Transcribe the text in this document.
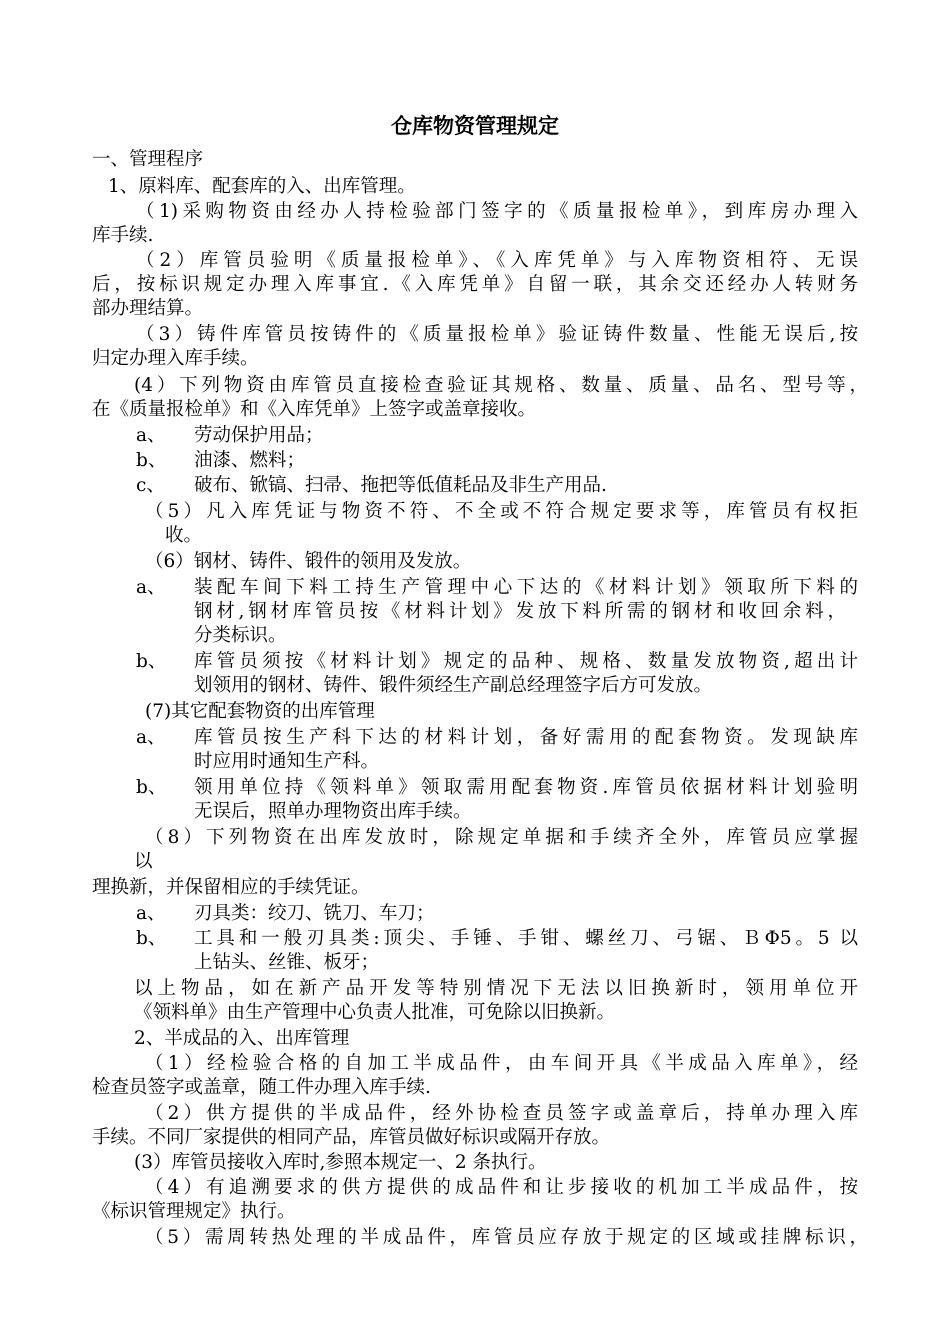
仓库物资管理规定
一、管理程序
1、原料库、配套库的入、出库管理。
（1)采购物资由经办人持检验部门签字的《质量报检单》，到库房办理入
库手续.
（2）库管员验明《质量报检单》、《入库凭单》与入库物资相符、无误
后，按标识规定办理入库事宜.《入库凭单》自留一联，其余交还经办人转财务
部办理结算。
（3）铸件库管员按铸件的《质量报检单》验证铸件数量、性能无误后,按
归定办理入库手续。
(4）下列物资由库管员直接检查验证其规格、数量、质量、品名、型号等，
在《质量报检单》和《入库凭单》上签字或盖章接收。
a、 劳动保护用品；
b、 油漆、燃料；
c、 破布、锨镐、扫帚、拖把等低值耗品及非生产用品.
（5）凡入库凭证与物资不符、不全或不符合规定要求等，库管员有权拒
收。
（6）钢材、铸件、锻件的领用及发放。
a、 装配车间下料工持生产管理中心下达的《材料计划》领取所下料的
钢材,钢材库管员按《材料计划》发放下料所需的钢材和收回余料，
分类标识。
b、 库管员须按《材料计划》规定的品种、规格、数量发放物资,超出计
划领用的钢材、铸件、锻件须经生产副总经理签字后方可发放。
(7)其它配套物资的出库管理
a、 库管员按生产科下达的材料计划，备好需用的配套物资。发现缺库
时应用时通知生产科。
b、 领用单位持《领料单》领取需用配套物资.库管员依据材料计划验明
无误后，照单办理物资出库手续。
（8）下列物资在出库发放时，除规定单据和手续齐全外，库管员应掌握
以
理换新，并保留相应的手续凭证。
a、 刃具类：绞刀、铣刀、车刀；
b、 工具和一般刃具类:顶尖、手锤、手钳、螺丝刀、弓锯、ＢΦ5。5 以
上钻头、丝锥、板牙；
以上物品，如在新产品开发等特别情况下无法以旧换新时，领用单位开
《领料单》由生产管理中心负责人批准，可免除以旧换新。
2、半成品的入、出库管理
（1）经检验合格的自加工半成品件，由车间开具《半成品入库单》，经
检查员签字或盖章，随工件办理入库手续.
（2）供方提供的半成品件，经外协检查员签字或盖章后，持单办理入库
手续。不同厂家提供的相同产品，库管员做好标识或隔开存放。
(3）库管员接收入库时,参照本规定一、2 条执行。
（4）有追溯要求的供方提供的成品件和让步接收的机加工半成品件，按
《标识管理规定》执行。
（5）需周转热处理的半成品件，库管员应存放于规定的区域或挂牌标识，
